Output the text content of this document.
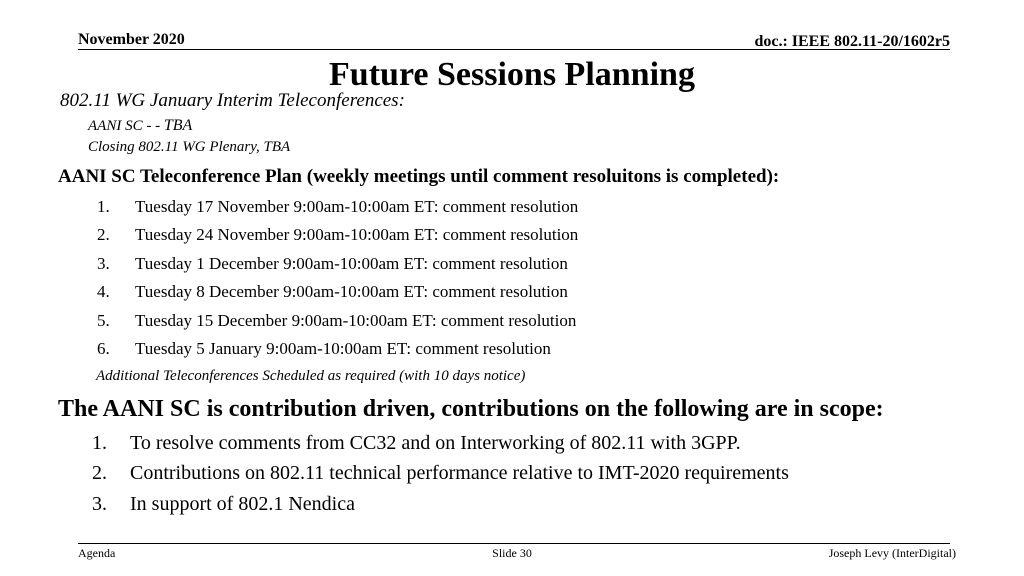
November 2020	doc.: IEEE 802.11-20/1602r5
Future Sessions Planning
802.11 WG January Interim Teleconferences:
AANI SC - - TBA
Closing 802.11 WG Plenary, TBA
AANI SC Teleconference Plan (weekly meetings until comment resoluitons is completed):
1. Tuesday 17 November 9:00am-10:00am ET: comment resolution
2. Tuesday 24 November 9:00am-10:00am ET: comment resolution
3. Tuesday 1 December 9:00am-10:00am ET: comment resolution
4. Tuesday 8 December 9:00am-10:00am ET: comment resolution
5. Tuesday 15 December 9:00am-10:00am ET: comment resolution
6. Tuesday 5 January 9:00am-10:00am ET: comment resolution
Additional Teleconferences Scheduled as required (with 10 days notice)
The AANI SC is contribution driven, contributions on the following are in scope:
1. To resolve comments from CC32 and on Interworking of 802.11 with 3GPP.
2. Contributions on 802.11 technical performance relative to IMT-2020 requirements
3. In support of 802.1 Nendica
Agenda	Slide 30	Joseph Levy (InterDigital)
